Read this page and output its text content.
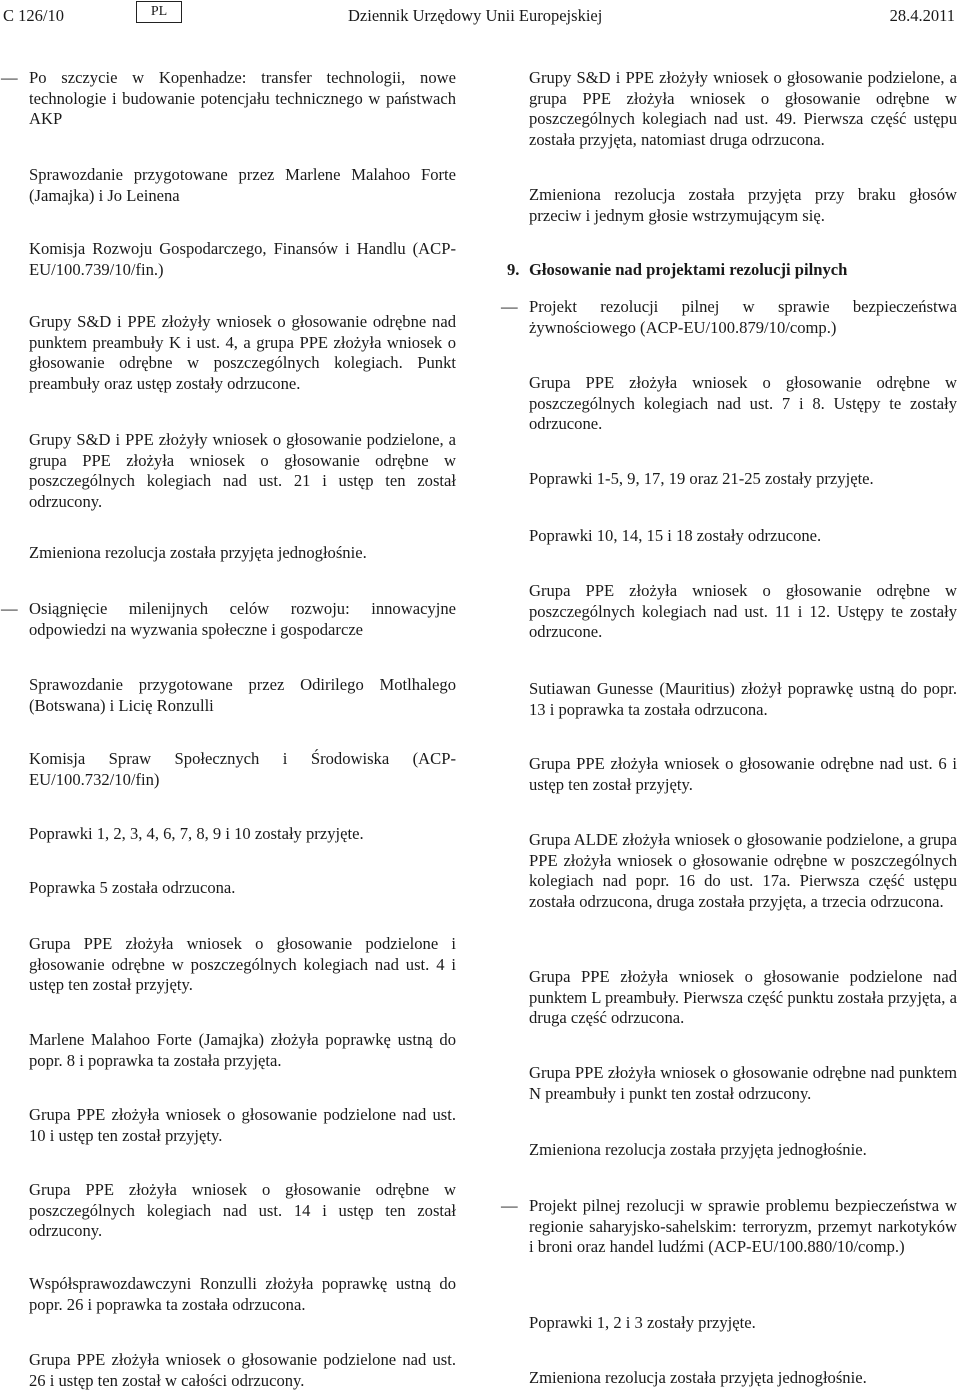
C 126/10	PL	Dziennik Urzędowy Unii Europejskiej	28.4.2011
— Po szczycie w Kopenhadze: transfer technologii, nowe technologie i budowanie potencjału technicznego w państwach AKP

Sprawozdanie przygotowane przez Marlene Malahoo Forte (Jamajka) i Jo Leinena

Komisja Rozwoju Gospodarczego, Finansów i Handlu (ACP-EU/100.739/10/fin.)

Grupy S&D i PPE złożyły wniosek o głosowanie odrębne nad punktem preambuły K i ust. 4, a grupa PPE złożyła wniosek o głosowanie odrębne w poszczególnych kolegiach. Punkt preambuły oraz ustęp zostały odrzucone.

Grupy S&D i PPE złożyły wniosek o głosowanie podzielone, a grupa PPE złożyła wniosek o głosowanie odrębne w poszczególnych kolegiach nad ust. 21 i ustęp ten został odrzucony.

Zmieniona rezolucja została przyjęta jednogłośnie.

— Osiągnięcie milenijnych celów rozwoju: innowacyjne odpowiedzi na wyzwania społeczne i gospodarcze

Sprawozdanie przygotowane przez Odirilego Motlhalego (Botswana) i Licię Ronzulli

Komisja Spraw Społecznych i Środowiska (ACP-EU/100.732/10/fin)

Poprawki 1, 2, 3, 4, 6, 7, 8, 9 i 10 zostały przyjęte.

Poprawka 5 została odrzucona.

Grupa PPE złożyła wniosek o głosowanie podzielone i głosowanie odrębne w poszczególnych kolegiach nad ust. 4 i ustęp ten został przyjęty.

Marlene Malahoo Forte (Jamajka) złożyła poprawkę ustną do popr. 8 i poprawka ta została przyjęta.

Grupa PPE złożyła wniosek o głosowanie podzielone nad ust. 10 i ustęp ten został przyjęty.

Grupa PPE złożyła wniosek o głosowanie odrębne w poszczególnych kolegiach nad ust. 14 i ustęp ten został odrzucony.

Współsprawozdawczyni Ronzulli złożyła poprawkę ustną do popr. 26 i poprawka ta została odrzucona.

Grupa PPE złożyła wniosek o głosowanie podzielone nad ust. 26 i ustęp ten został w całości odrzucony.

Grupy S&D i PPE złożyły wniosek o głosowanie podzielone, a grupa PPE złożyła wniosek o głosowanie odrębne w poszczególnych kolegiach nad ust. 49. Pierwsza część ustępu została przyjęta, natomiast druga odrzucona.

Zmieniona rezolucja została przyjęta przy braku głosów przeciw i jednym głosie wstrzymującym się.

9. Głosowanie nad projektami rezolucji pilnych

— Projekt rezolucji pilnej w sprawie bezpieczeństwa żywnościowego (ACP-EU/100.879/10/comp.)

Grupa PPE złożyła wniosek o głosowanie odrębne w poszczególnych kolegiach nad ust. 7 i 8. Ustępy te zostały odrzucone.

Poprawki 1-5, 9, 17, 19 oraz 21-25 zostały przyjęte.

Poprawki 10, 14, 15 i 18 zostały odrzucone.

Grupa PPE złożyła wniosek o głosowanie odrębne w poszczególnych kolegiach nad ust. 11 i 12. Ustępy te zostały odrzucone.

Sutiawan Gunesse (Mauritius) złożył poprawkę ustną do popr. 13 i poprawka ta została odrzucona.

Grupa PPE złożyła wniosek o głosowanie odrębne nad ust. 6 i ustęp ten został przyjęty.

Grupa ALDE złożyła wniosek o głosowanie podzielone, a grupa PPE złożyła wniosek o głosowanie odrębne w poszczególnych kolegiach nad popr. 16 do ust. 17a. Pierwsza część ustępu została odrzucona, druga została przyjęta, a trzecia odrzucona.

Grupa PPE złożyła wniosek o głosowanie podzielone nad punktem L preambuły. Pierwsza część punktu została przyjęta, a druga część odrzucona.

Grupa PPE złożyła wniosek o głosowanie odrębne nad punktem N preambuły i punkt ten został odrzucony.

Zmieniona rezolucja została przyjęta jednogłośnie.

— Projekt pilnej rezolucji w sprawie problemu bezpieczeństwa w regionie saharyjsko-sahelskim: terroryzm, przemyt narkotyków i broni oraz handel ludźmi (ACP-EU/100.880/10/comp.)

Poprawki 1, 2 i 3 zostały przyjęte.

Zmieniona rezolucja została przyjęta jednogłośnie.
